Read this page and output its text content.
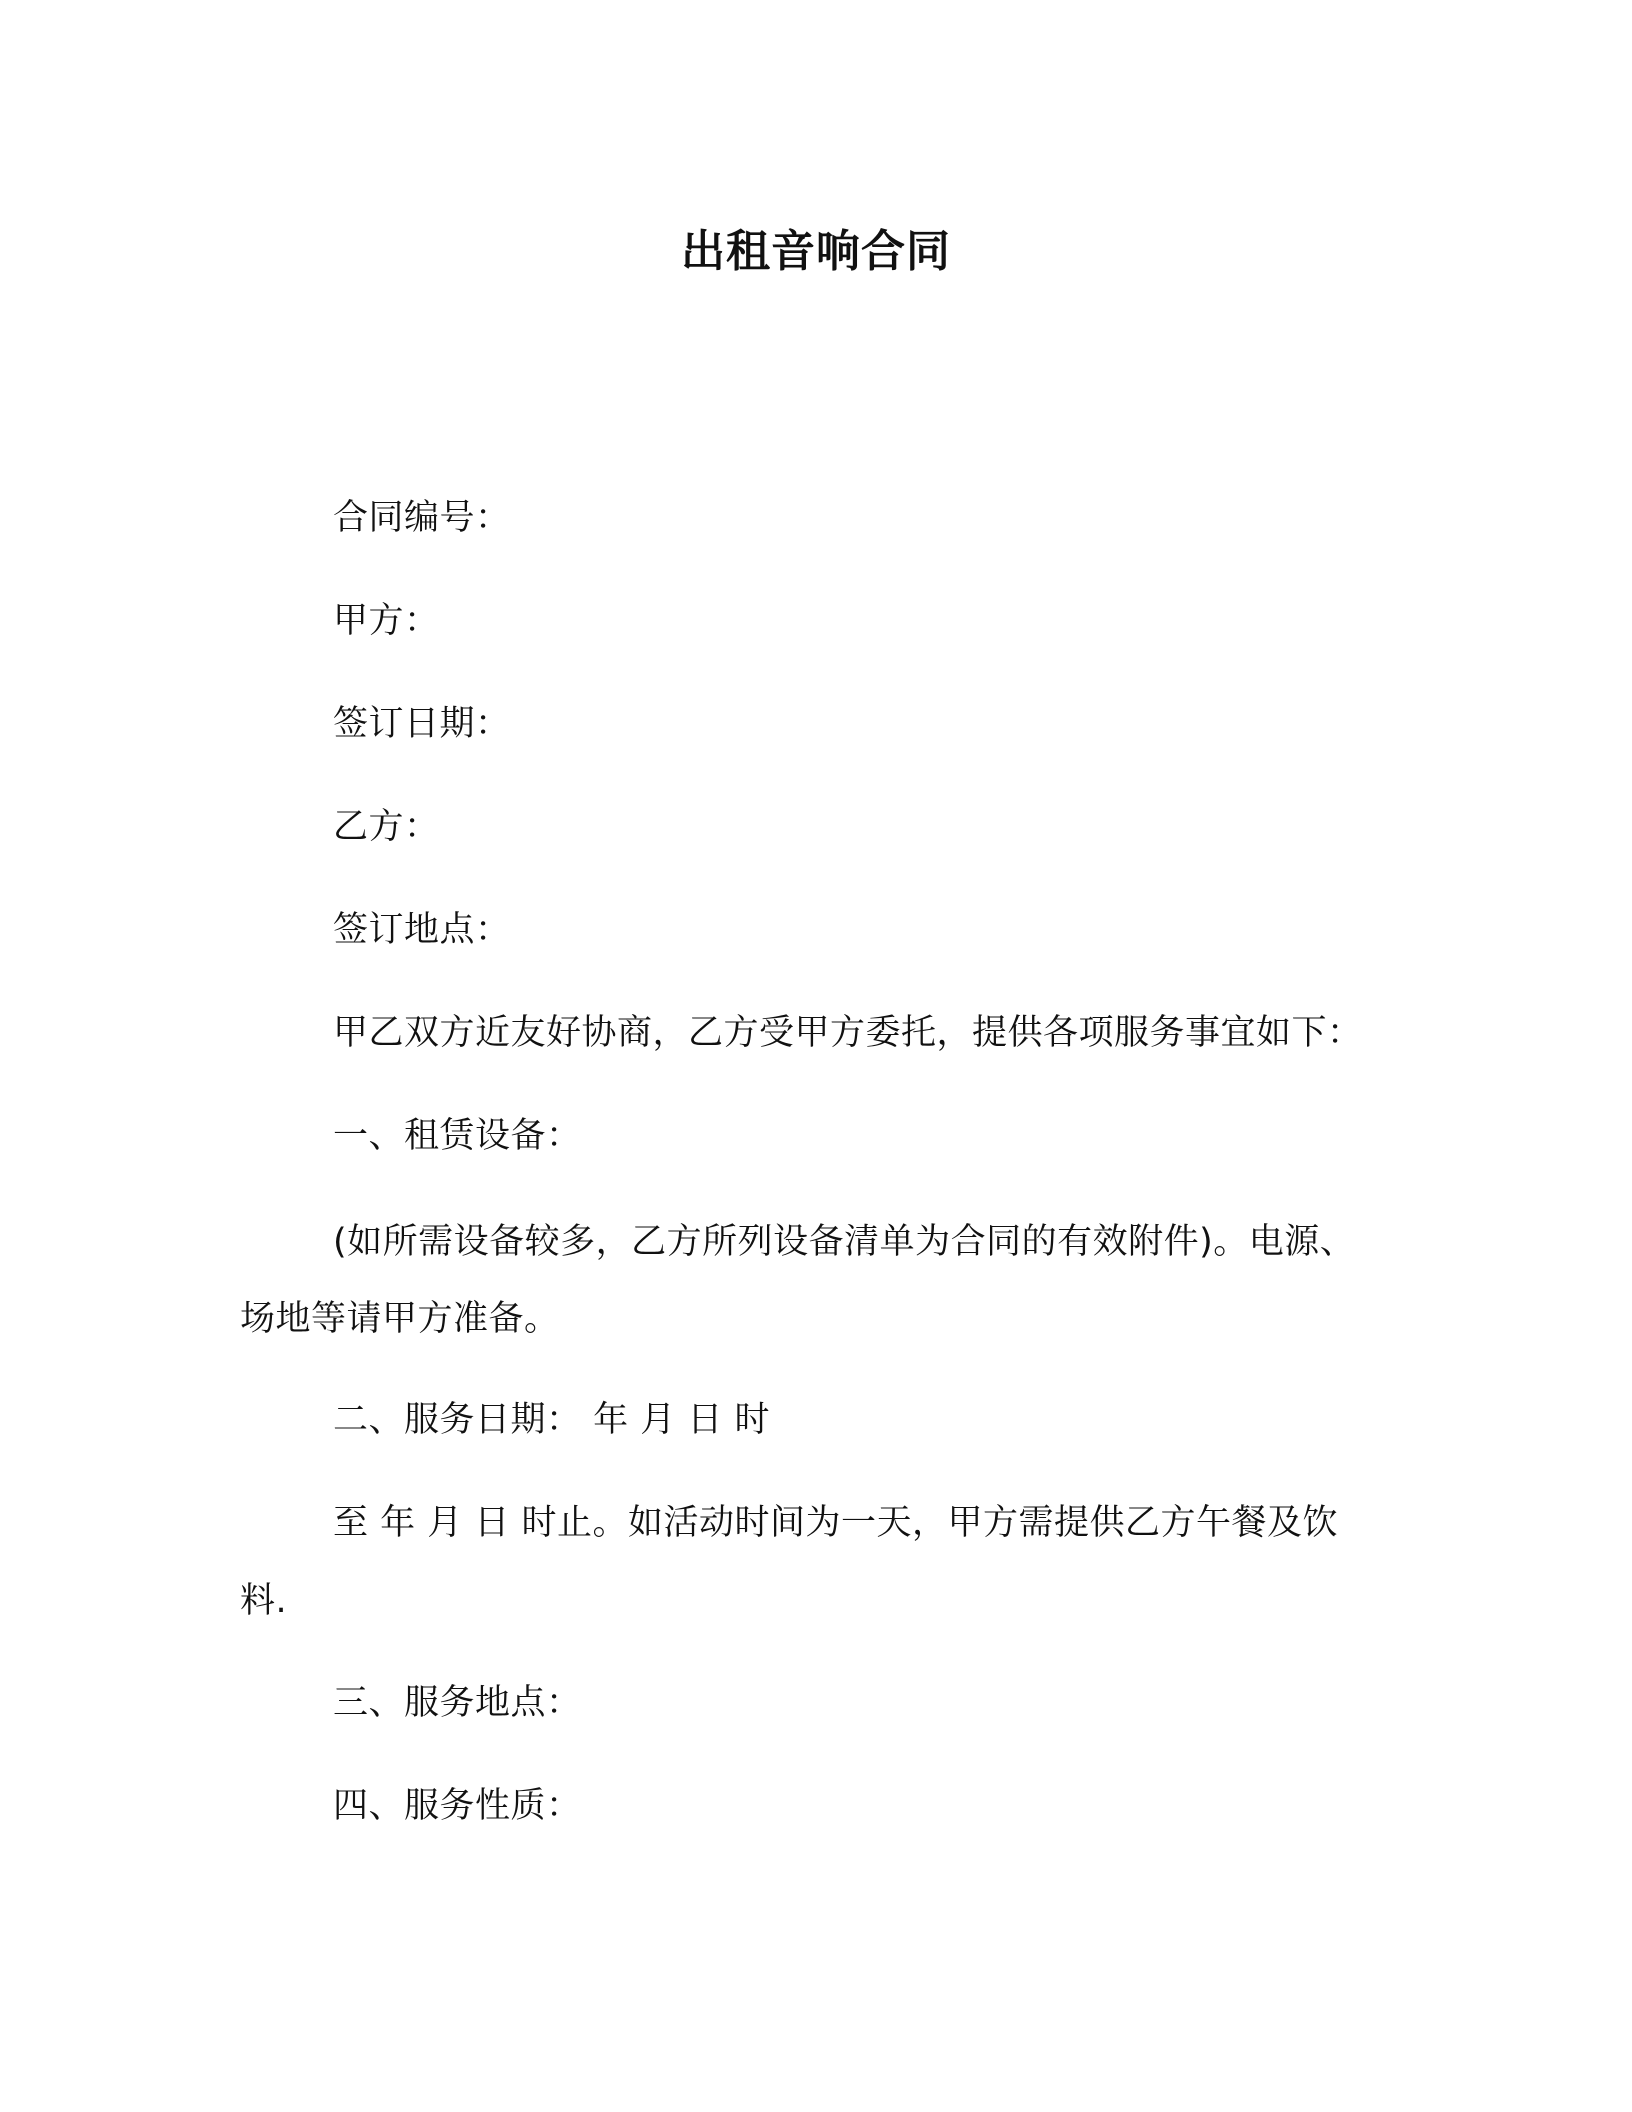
出租音响合同
合同编号：
甲方：
签订日期：
乙方：
签订地点：
甲乙双方近友好协商，乙方受甲方委托，提供各项服务事宜如下：
一、租赁设备：
(如所需设备较多，乙方所列设备清单为合同的有效附件)。电源、
场地等请甲方准备。
二、服务日期： 年 月 日 时
至 年 月 日 时止。如活动时间为一天，甲方需提供乙方午餐及饮
料.
三、服务地点：
四、服务性质：
